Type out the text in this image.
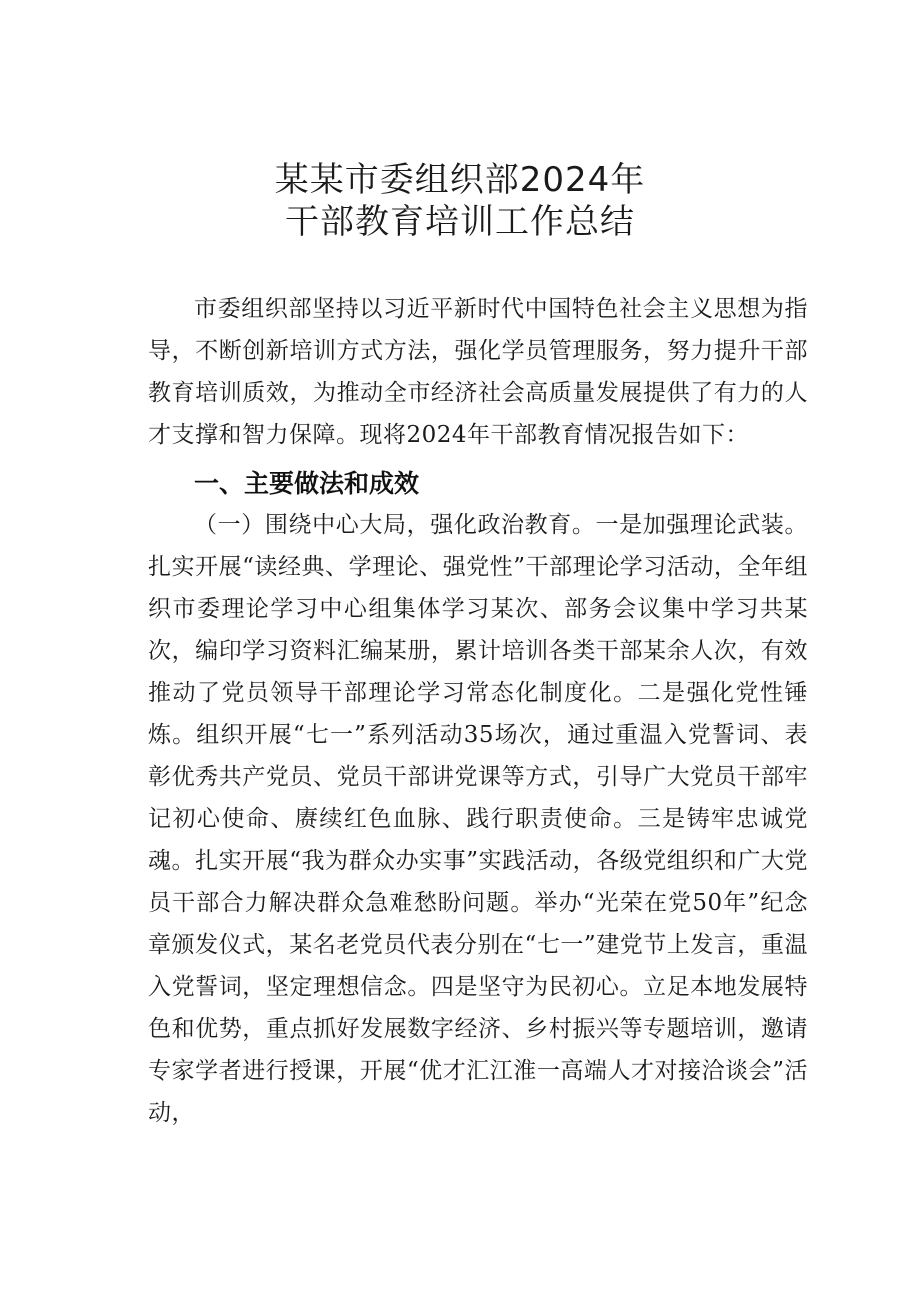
某某市委组织部2024年
干部教育培训工作总结

市委组织部坚持以习近平新时代中国特色社会主义思想为指导，不断创新培训方式方法，强化学员管理服务，努力提升干部教育培训质效，为推动全市经济社会高质量发展提供了有力的人才支撑和智力保障。现将2024年干部教育情况报告如下：

一、主要做法和成效

（一）围绕中心大局，强化政治教育。一是加强理论武装。扎实开展“读经典、学理论、强党性”干部理论学习活动，全年组织市委理论学习中心组集体学习某次、部务会议集中学习共某次，编印学习资料汇编某册，累计培训各类干部某余人次，有效推动了党员领导干部理论学习常态化制度化。二是强化党性锤炼。组织开展“七一”系列活动35场次，通过重温入党誓词、表彰优秀共产党员、党员干部讲党课等方式，引导广大党员干部牢记初心使命、赓续红色血脉、践行职责使命。三是铸牢忠诚党魂。扎实开展“我为群众办实事”实践活动，各级党组织和广大党员干部合力解决群众急难愁盼问题。举办“光荣在党50年”纪念章颁发仪式，某名老党员代表分别在“七一”建党节上发言，重温入党誓词，坚定理想信念。四是坚守为民初心。立足本地发展特色和优势，重点抓好发展数字经济、乡村振兴等专题培训，邀请专家学者进行授课，开展“优才汇江淮一高端人才对接洽谈会”活动，
